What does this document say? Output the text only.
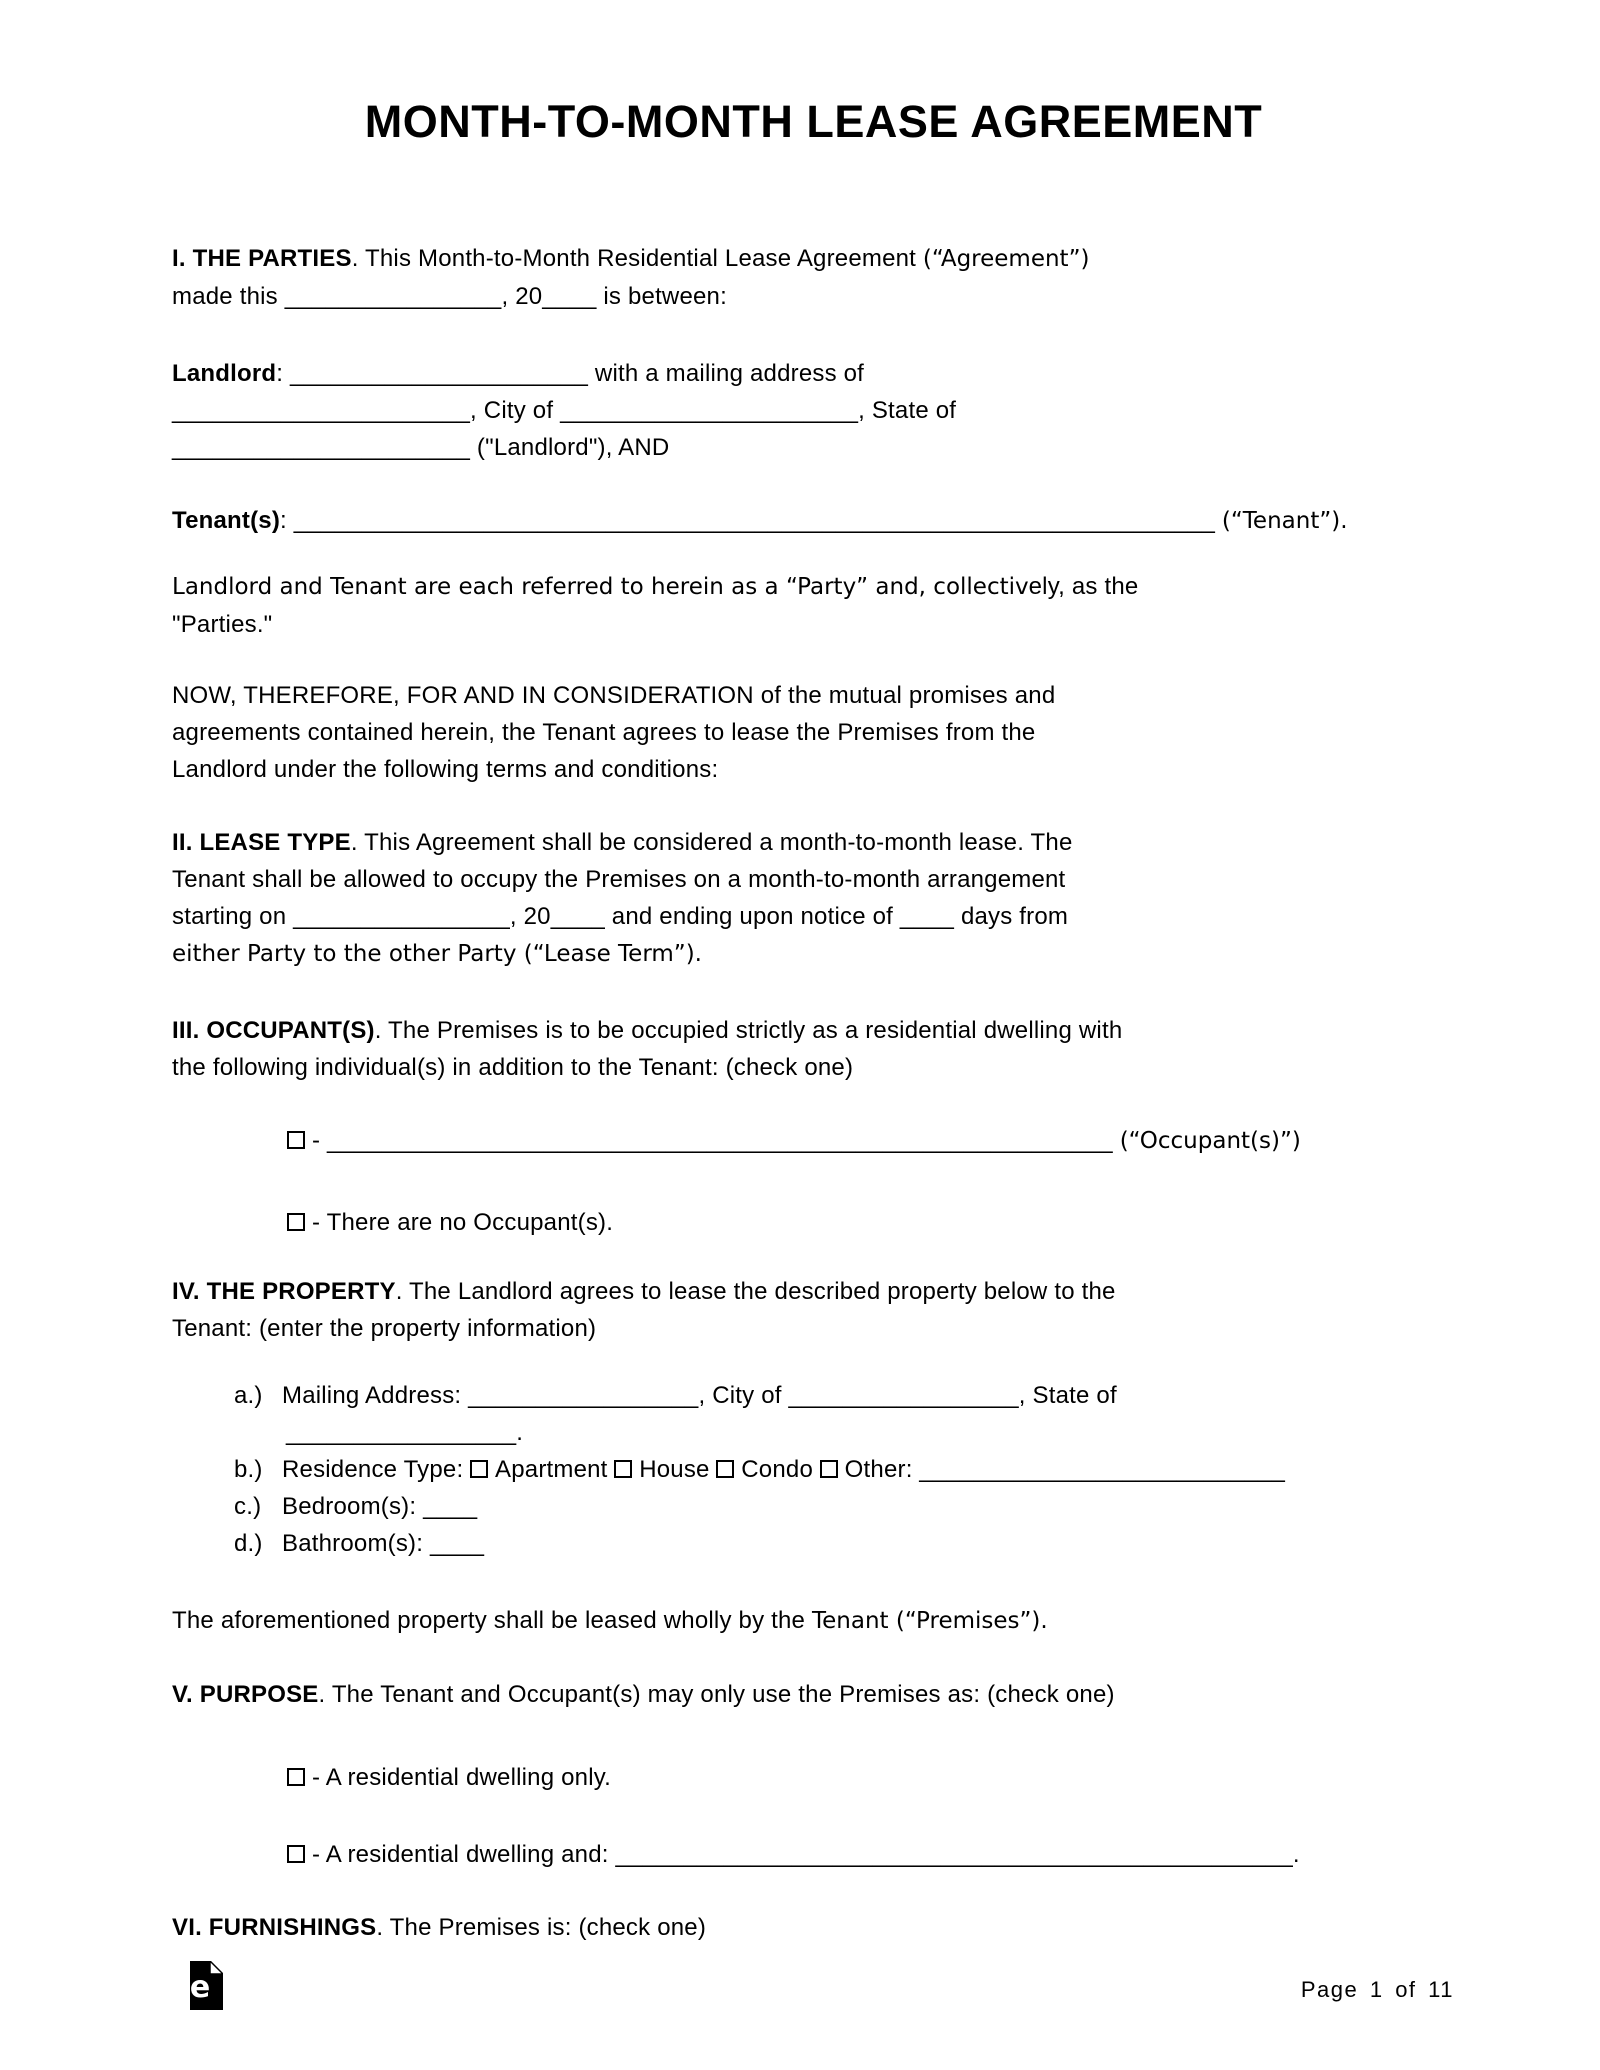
MONTH-TO-MONTH LEASE AGREEMENT

I. THE PARTIES. This Month-to-Month Residential Lease Agreement (“Agreement”)
made this ________________, 20____ is between:

Landlord: ______________________ with a mailing address of
______________________, City of ______________________, State of
______________________ ("Landlord"), AND

Tenant(s): ____________________________________________________________________ (“Tenant”).

Landlord and Tenant are each referred to herein as a “Party” and, collectively, as the
"Parties."

NOW, THEREFORE, FOR AND IN CONSIDERATION of the mutual promises and
agreements contained herein, the Tenant agrees to lease the Premises from the
Landlord under the following terms and conditions:

II. LEASE TYPE. This Agreement shall be considered a month-to-month lease. The
Tenant shall be allowed to occupy the Premises on a month-to-month arrangement
starting on ________________, 20____ and ending upon notice of ____ days from
either Party to the other Party (“Lease Term”).

III. OCCUPANT(S). The Premises is to be occupied strictly as a residential dwelling with
the following individual(s) in addition to the Tenant: (check one)

- __________________________________________________________ (“Occupant(s)”)

- There are no Occupant(s).

IV. THE PROPERTY. The Landlord agrees to lease the described property below to the
Tenant: (enter the property information)

a.) Mailing Address: _________________, City of _________________, State of
_________________.

b.) Residence Type: Apartment House Condo Other: ___________________________

c.) Bedroom(s): ____

d.) Bathroom(s): ____

The aforementioned property shall be leased wholly by the Tenant (“Premises”).

V. PURPOSE. The Tenant and Occupant(s) may only use the Premises as: (check one)

- A residential dwelling only.

- A residential dwelling and: __________________________________________________.

VI. FURNISHINGS. The Premises is: (check one)

e	Page 1 of 11
